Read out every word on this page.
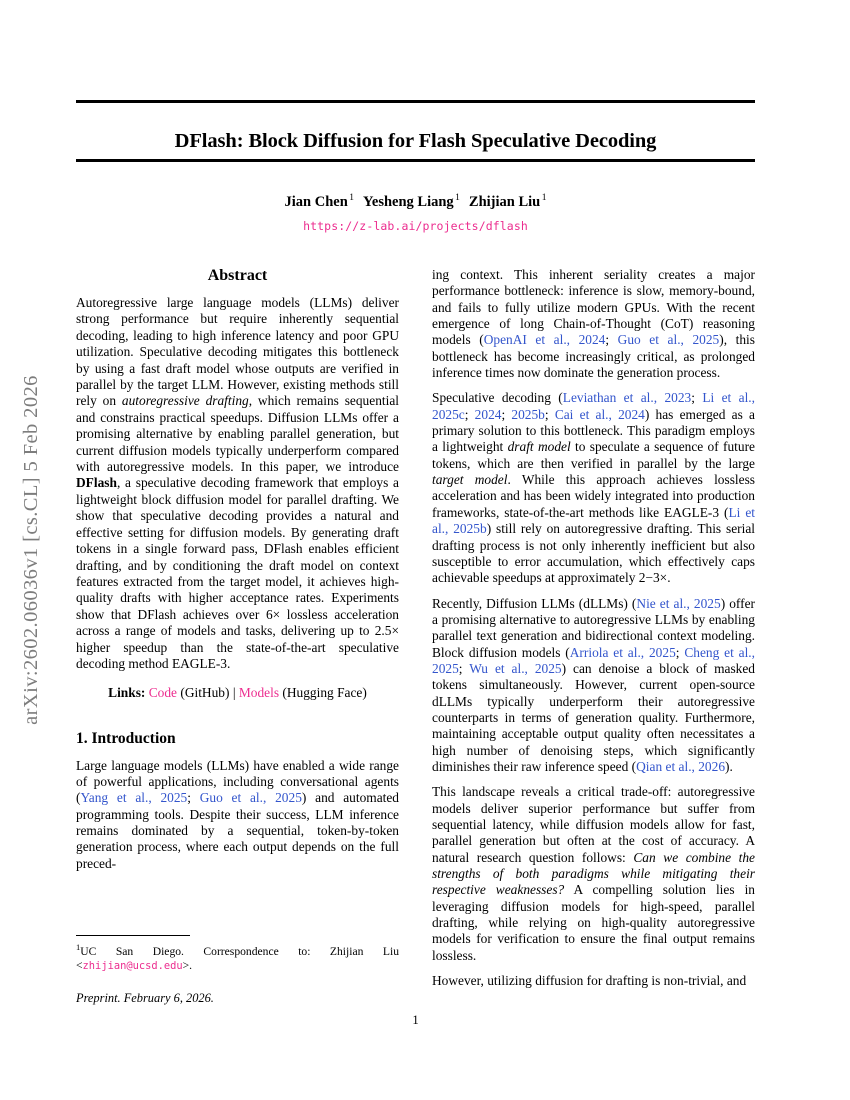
arXiv:2602.06036v1 [cs.CL] 5 Feb 2026
DFlash: Block Diffusion for Flash Speculative Decoding
Jian Chen $^1$ Yesheng Liang $^1$ Zhijian Liu $^1$
https://z-lab.ai/projects/dflash
Abstract

Autoregressive large language models (LLMs) deliver strong performance but require inherently sequential decoding, leading to high inference latency and poor GPU utilization. Speculative decoding mitigates this bottleneck by using a fast draft model whose outputs are verified in parallel by the target LLM. However, existing methods still rely on autoregressive drafting, which remains sequential and constrains practical speedups. Diffusion LLMs offer a promising alternative by enabling parallel generation, but current diffusion models typically underperform compared with autoregressive models. In this paper, we introduce DFlash, a speculative decoding framework that employs a lightweight block diffusion model for parallel drafting. We show that speculative decoding provides a natural and effective setting for diffusion models. By generating draft tokens in a single forward pass, DFlash enables efficient drafting, and by conditioning the draft model on context features extracted from the target model, it achieves high-quality drafts with higher acceptance rates. Experiments show that DFlash achieves over 6× lossless acceleration across a range of models and tasks, delivering up to 2.5× higher speedup than the state-of-the-art speculative decoding method EAGLE-3.

Links: Code (GitHub) | Models (Hugging Face)
1. Introduction

Large language models (LLMs) have enabled a wide range of powerful applications, including conversational agents (Yang et al., 2025; Guo et al., 2025) and automated programming tools. Despite their success, LLM inference remains dominated by a sequential, token-by-token generation process, where each output depends on the full preced-

ing context. This inherent seriality creates a major performance bottleneck: inference is slow, memory-bound, and fails to fully utilize modern GPUs. With the recent emergence of long Chain-of-Thought (CoT) reasoning models (OpenAI et al., 2024; Guo et al., 2025), this bottleneck has become increasingly critical, as prolonged inference times now dominate the generation process.

Speculative decoding (Leviathan et al., 2023; Li et al., 2025c; 2024; 2025b; Cai et al., 2024) has emerged as a primary solution to this bottleneck. This paradigm employs a lightweight draft model to speculate a sequence of future tokens, which are then verified in parallel by the large target model. While this approach achieves lossless acceleration and has been widely integrated into production frameworks, state-of-the-art methods like EAGLE-3 (Li et al., 2025b) still rely on autoregressive drafting. This serial drafting process is not only inherently inefficient but also susceptible to error accumulation, which effectively caps achievable speedups at approximately 2−3×.

Recently, Diffusion LLMs (dLLMs) (Nie et al., 2025) offer a promising alternative to autoregressive LLMs by enabling parallel text generation and bidirectional context modeling. Block diffusion models (Arriola et al., 2025; Cheng et al., 2025; Wu et al., 2025) can denoise a block of masked tokens simultaneously. However, current open-source dLLMs typically underperform their autoregressive counterparts in terms of generation quality. Furthermore, maintaining acceptable output quality often necessitates a high number of denoising steps, which significantly diminishes their raw inference speed (Qian et al., 2026).

This landscape reveals a critical trade-off: autoregressive models deliver superior performance but suffer from sequential latency, while diffusion models allow for fast, parallel generation but often at the cost of accuracy. A natural research question follows: Can we combine the strengths of both paradigms while mitigating their respective weaknesses? A compelling solution lies in leveraging diffusion models for high-speed, parallel drafting, while relying on high-quality autoregressive models for verification to ensure the final output remains lossless.

However, utilizing diffusion for drafting is non-trivial, and

$^1$UC San Diego. Correspondence to: Zhijian Liu <zhijian@ucsd.edu>.

Preprint. February 6, 2026.
1
